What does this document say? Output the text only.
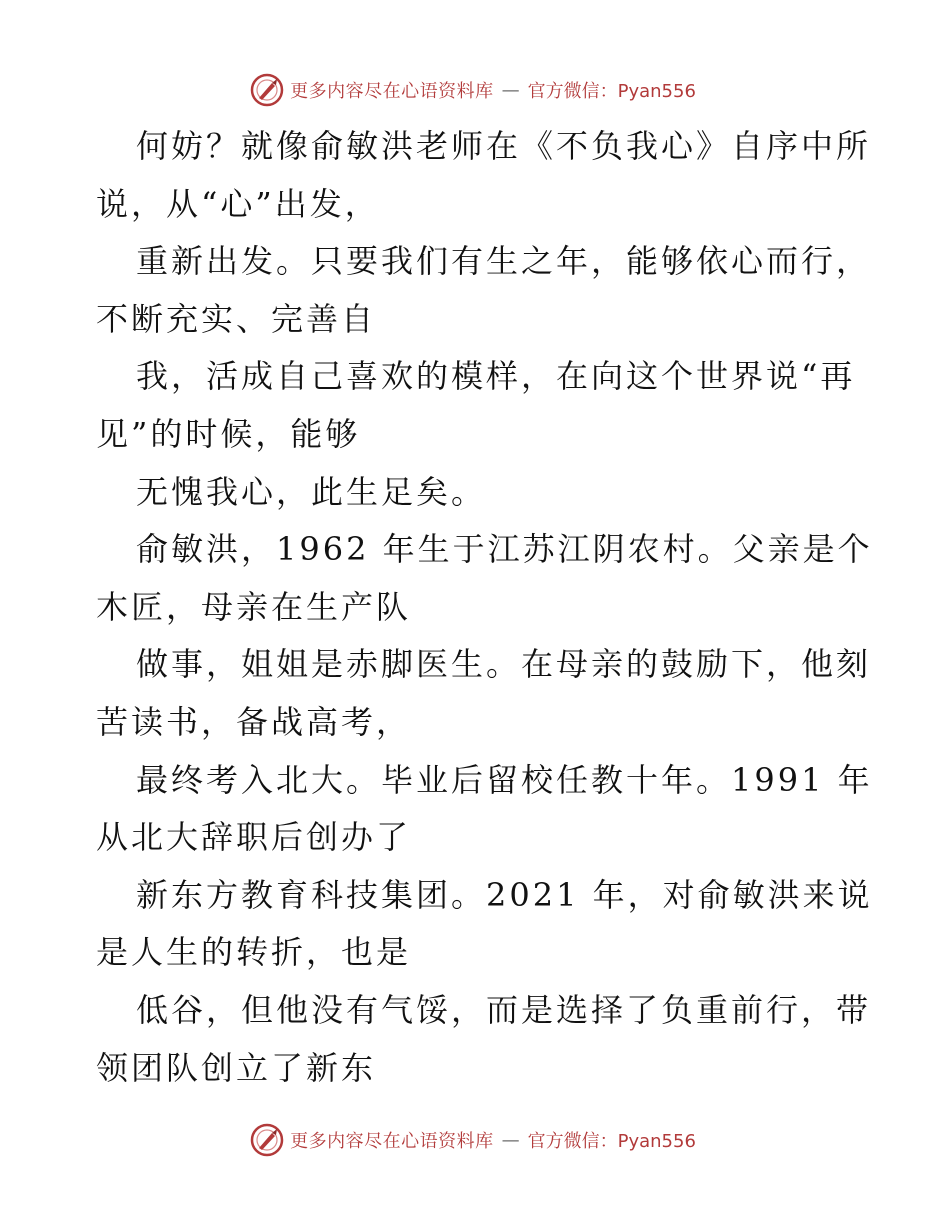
更多内容尽在心语资料库 — 官方微信：Pyan556
何妨？就像俞敏洪老师在《不负我心》自序中所
说，从“心”出发，
重新出发。只要我们有生之年，能够依心而行，
不断充实、完善自
我，活成自己喜欢的模样，在向这个世界说“再
见”的时候，能够
无愧我心，此生足矣。
俞敏洪，1962 年生于江苏江阴农村。父亲是个
木匠，母亲在生产队
做事，姐姐是赤脚医生。在母亲的鼓励下，他刻
苦读书，备战高考，
最终考入北大。毕业后留校任教十年。1991 年
从北大辞职后创办了
新东方教育科技集团。2021 年，对俞敏洪来说
是人生的转折，也是
低谷，但他没有气馁，而是选择了负重前行，带
领团队创立了新东
更多内容尽在心语资料库 — 官方微信：Pyan556
